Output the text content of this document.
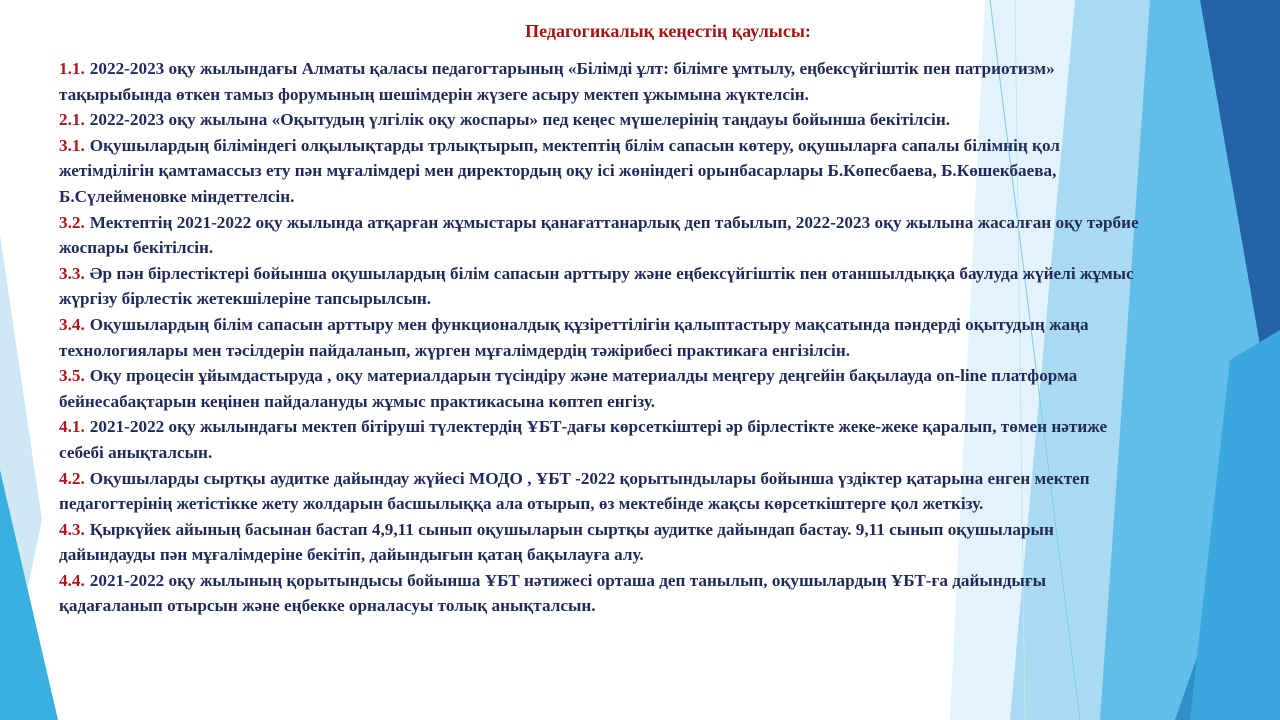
Педагогикалық кеңестің қаулысы:

1.1. 2022-2023 оқу жылындағы Алматы қаласы педагогтарының «Білімді ұлт: білімге ұмтылу, еңбексүйгіштік пен патриотизм» тақырыбында өткен тамыз форумының шешімдерін жүзеге асыру мектеп ұжымына жүктелсін.

2.1. 2022-2023 оқу жылына «Оқытудың үлгілік оқу жоспары» пед кеңес мүшелерінің таңдауы бойынша бекітілсін.

3.1. Оқушылардың біліміндегі олқылықтарды трлықтырып, мектептің білім сапасын көтеру, оқушыларға сапалы білімнің қол жетімділігін қамтамассыз ету пән мұғалімдері мен директордың оқу ісі жөніндегі орынбасарлары Б.Көпесбаева, Б.Көшекбаева, Б.Сүлейменовке міндеттелсін.

3.2. Мектептің 2021-2022 оқу жылында атқарған жұмыстары қанағаттанарлық деп табылып, 2022-2023 оқу жылына жасалған оқу тәрбие жоспары бекітілсін.

3.3. Әр пән бірлестіктері бойынша оқушылардың білім сапасын арттыру және еңбексүйгіштік пен отаншылдыққа баулуда жүйелі жұмыс жүргізу бірлестік жетекшілеріне тапсырылсын.

3.4. Оқушылардың білім сапасын арттыру мен функционалдық құзіреттілігін қалыптастыру мақсатында пәндерді оқытудың жаңа технологиялары мен тәсілдерін пайдаланып, жүрген мұғалімдердің тәжірибесі практикаға енгізілсін.

3.5. Оқу процесін ұйымдастыруда , оқу материалдарын түсіндіру және материалды меңгеру деңгейін бақылауда on-line платформа бейнесабақтарын кеңінен пайдалануды жұмыс практикасына көптеп енгізу.

4.1. 2021-2022 оқу жылындағы мектеп бітіруші түлектердің ҰБТ-дағы көрсеткіштері әр бірлестікте жеке-жеке қаралып, төмен нәтиже себебі анықталсын.

4.2. Оқушыларды сыртқы аудитке дайындау жүйесі МОДО , ҰБТ -2022 қорытындылары бойынша үздіктер қатарына енген мектеп педагогтерінің жетістікке жету жолдарын басшылыққа ала отырып, өз мектебінде жақсы көрсеткіштерге қол жеткізу.

4.3. Қыркүйек айының басынан бастап 4,9,11 сынып оқушыларын сыртқы аудитке дайындап бастау. 9,11 сынып оқушыларын дайындауды пән мұғалімдеріне бекітіп, дайындығын қатаң бақылауға алу.

4.4. 2021-2022 оқу жылының қорытындысы бойынша ҰБТ нәтижесі орташа деп танылып, оқушылардың ҰБТ-ға дайындығы қадағаланып отырсын және еңбекке орналасуы толық анықталсын.
